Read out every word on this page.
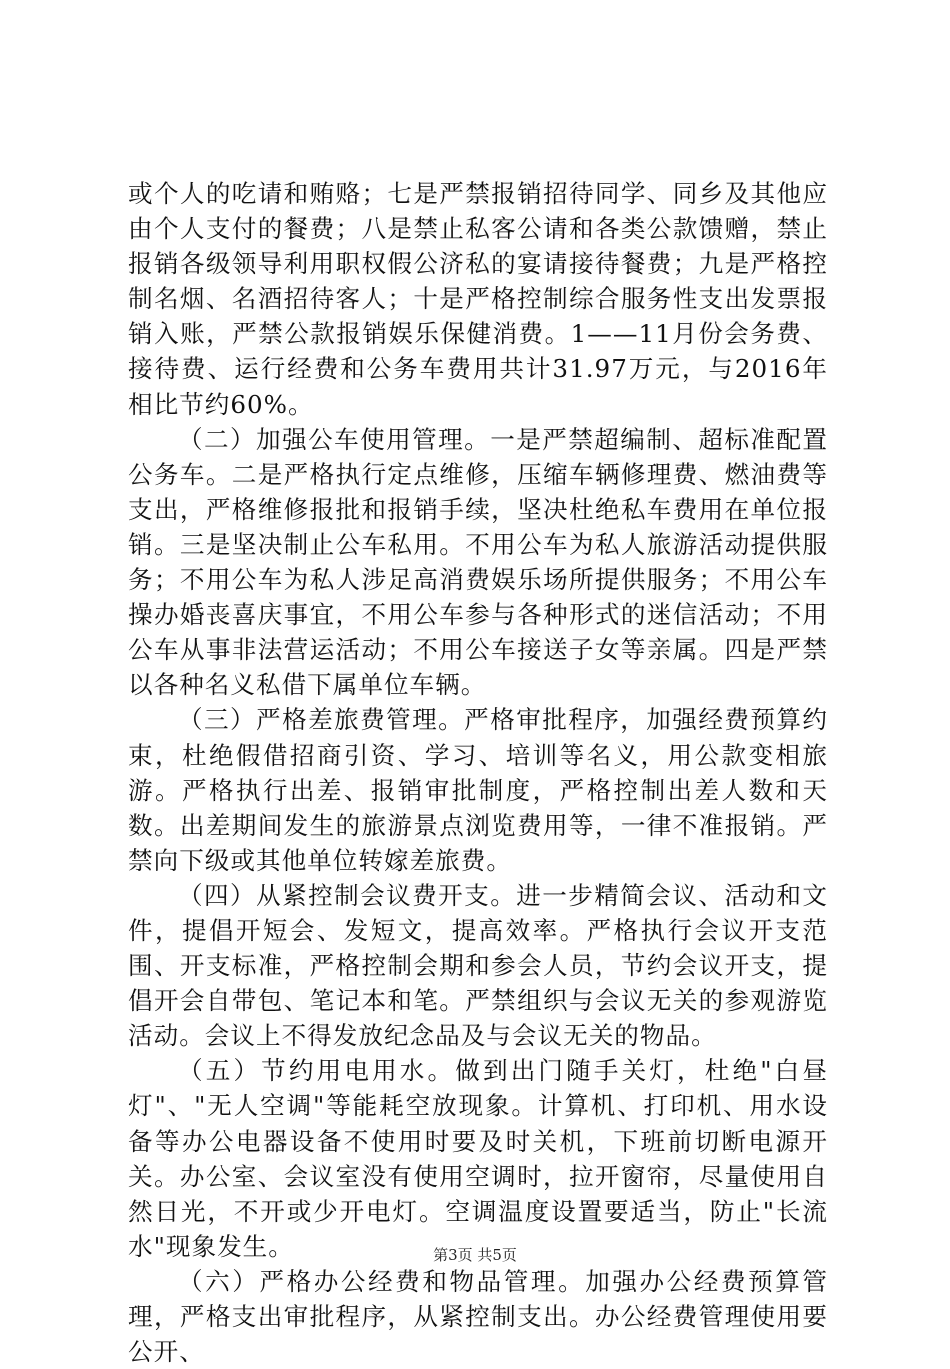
或个人的吃请和贿赂；七是严禁报销招待同学、同乡及其他应由个人支付的餐费；八是禁止私客公请和各类公款馈赠，禁止报销各级领导利用职权假公济私的宴请接待餐费；九是严格控制名烟、名酒招待客人；十是严格控制综合服务性支出发票报销入账，严禁公款报销娱乐保健消费。1——11月份会务费、接待费、运行经费和公务车费用共计31.97万元，与2016年相比节约60%。

（二）加强公车使用管理。一是严禁超编制、超标准配置公务车。二是严格执行定点维修，压缩车辆修理费、燃油费等支出，严格维修报批和报销手续，坚决杜绝私车费用在单位报销。三是坚决制止公车私用。不用公车为私人旅游活动提供服务；不用公车为私人涉足高消费娱乐场所提供服务；不用公车操办婚丧喜庆事宜，不用公车参与各种形式的迷信活动；不用公车从事非法营运活动；不用公车接送子女等亲属。四是严禁以各种名义私借下属单位车辆。

（三）严格差旅费管理。严格审批程序，加强经费预算约束，杜绝假借招商引资、学习、培训等名义，用公款变相旅游。严格执行出差、报销审批制度，严格控制出差人数和天数。出差期间发生的旅游景点浏览费用等，一律不准报销。严禁向下级或其他单位转嫁差旅费。

（四）从紧控制会议费开支。进一步精简会议、活动和文件，提倡开短会、发短文，提高效率。严格执行会议开支范围、开支标准，严格控制会期和参会人员，节约会议开支，提倡开会自带包、笔记本和笔。严禁组织与会议无关的参观游览活动。会议上不得发放纪念品及与会议无关的物品。

（五）节约用电用水。做到出门随手关灯，杜绝"白昼灯"、"无人空调"等能耗空放现象。计算机、打印机、用水设备等办公电器设备不使用时要及时关机，下班前切断电源开关。办公室、会议室没有使用空调时，拉开窗帘，尽量使用自然日光，不开或少开电灯。空调温度设置要适当，防止"长流水"现象发生。

（六）严格办公经费和物品管理。加强办公经费预算管理，严格支出审批程序，从紧控制支出。办公经费管理使用要公开、

第3页 共5页
